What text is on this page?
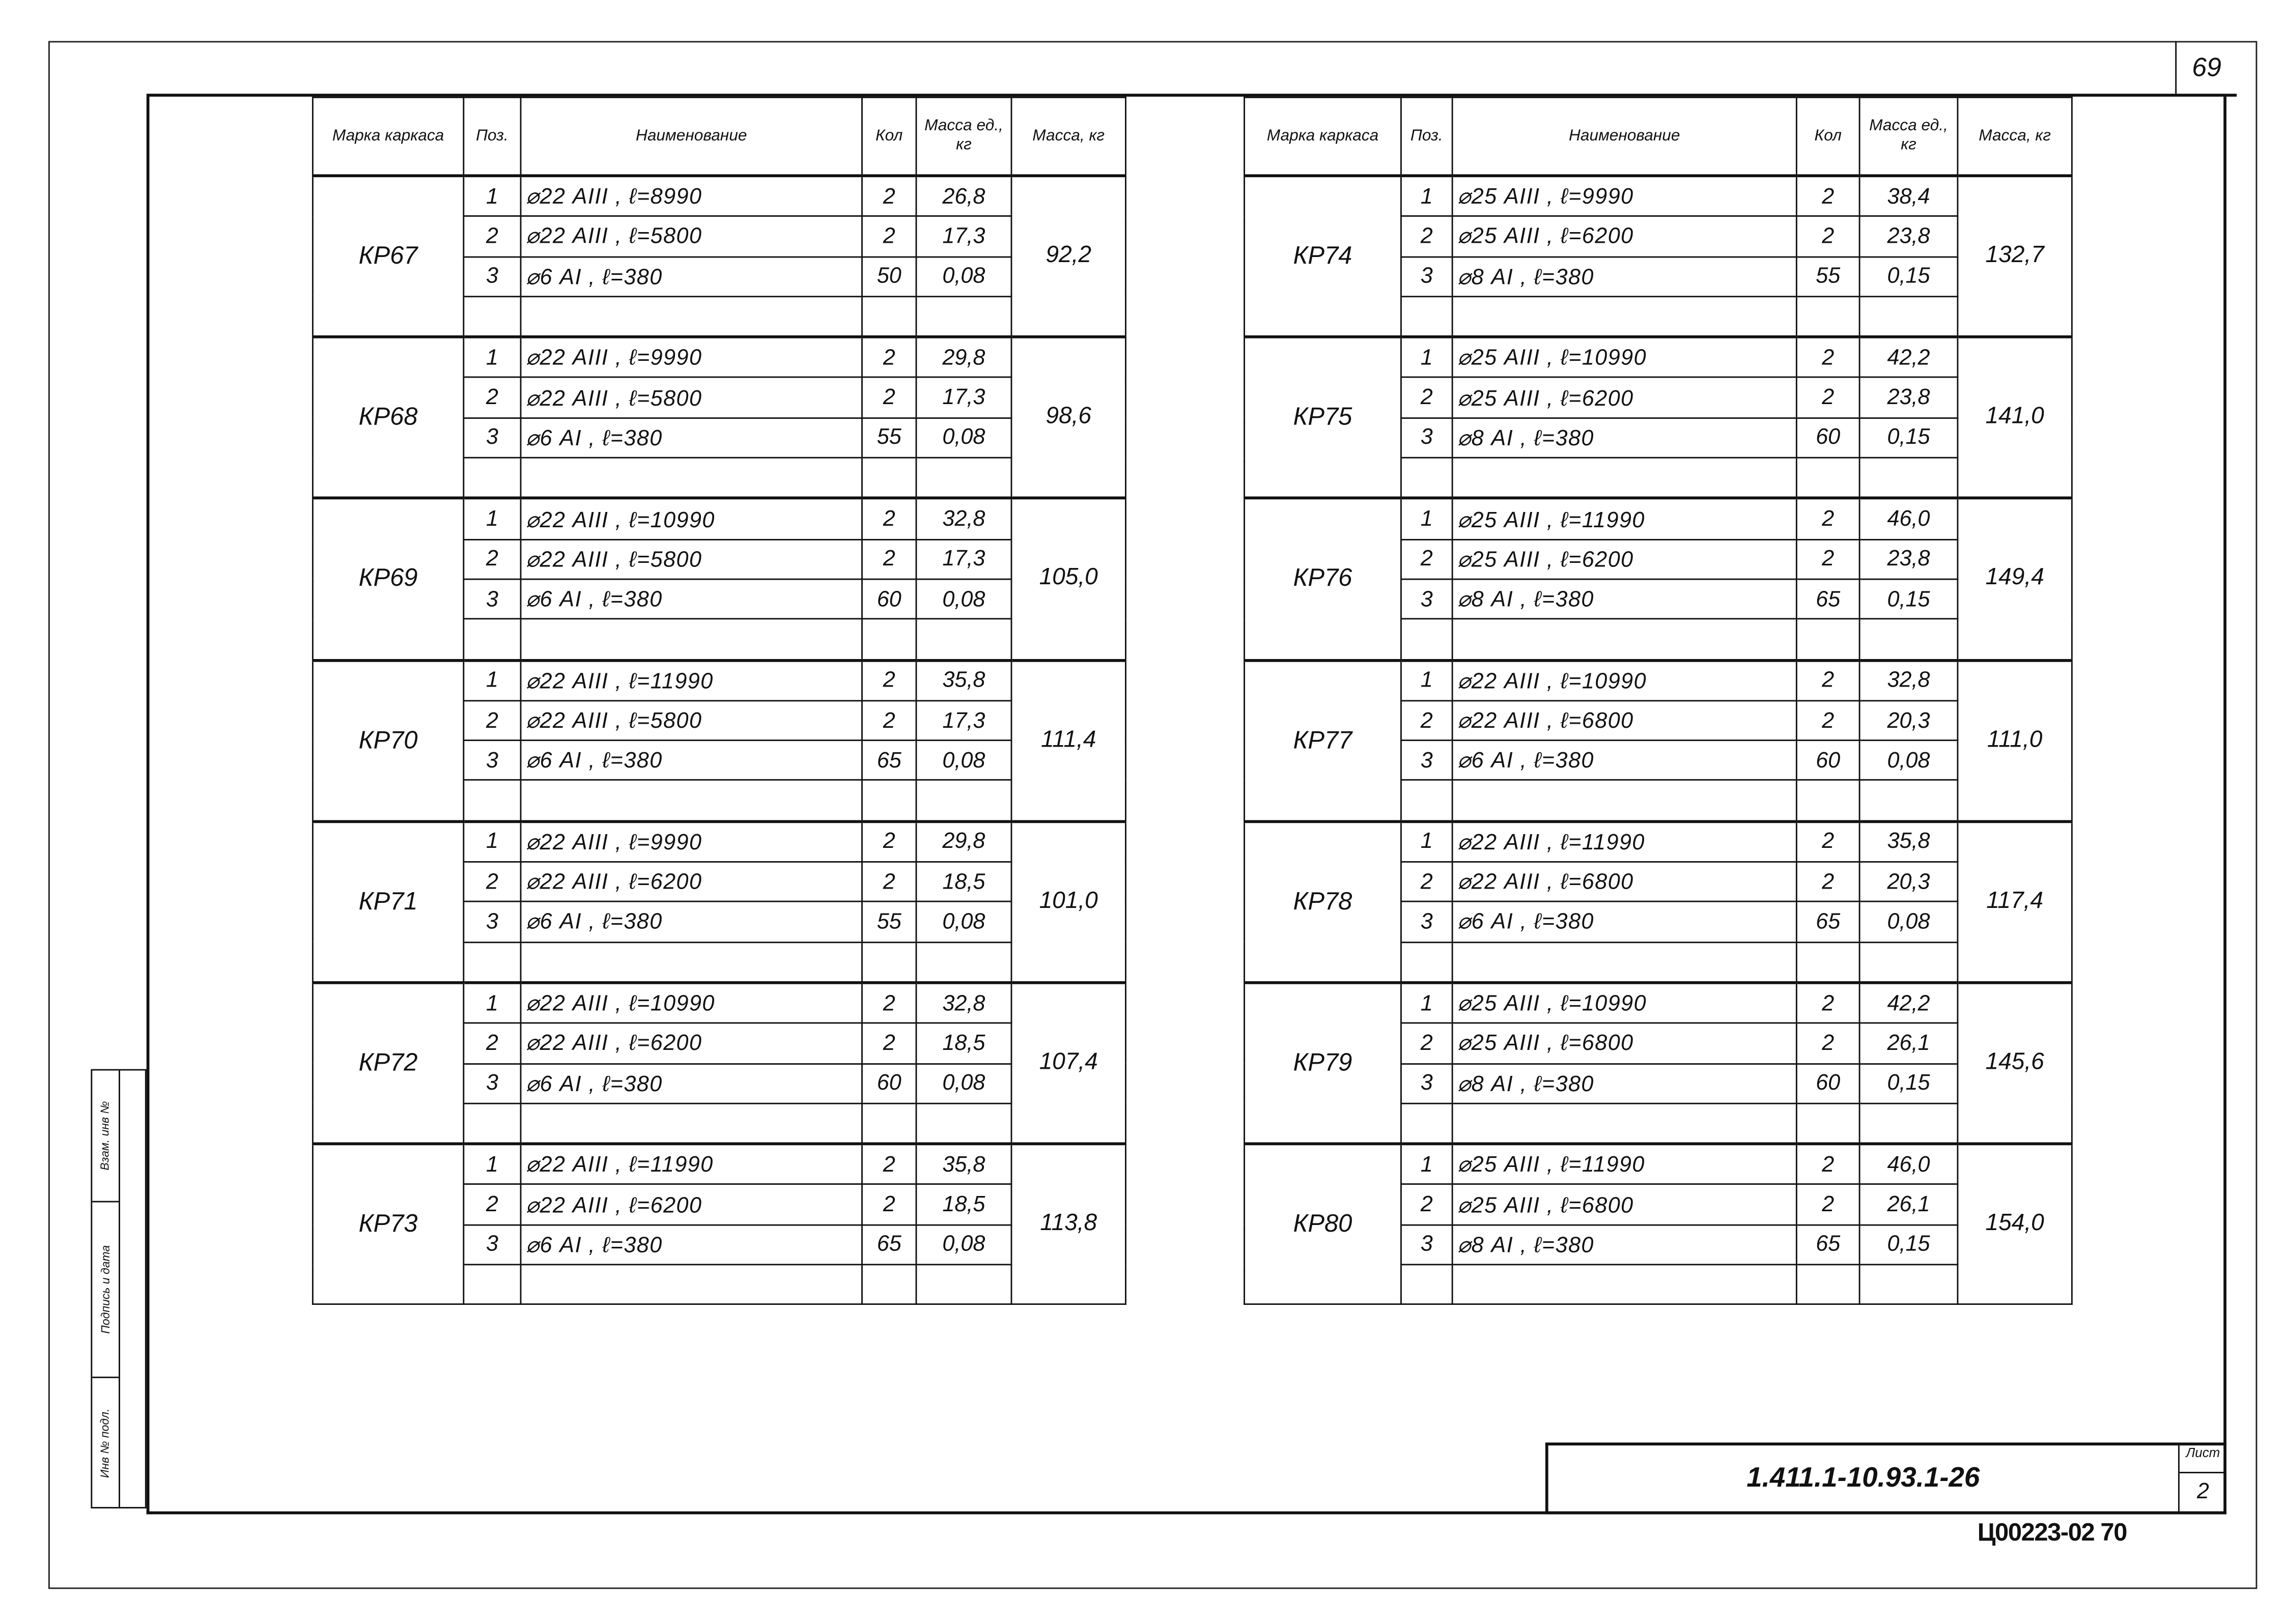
69
Марка каркаса	Поз.	Наименование	Кол	Масса ед., кг	Масса, кг
КР67	1	⌀22 АIII , ℓ=8990	2	26,8	92,2
	2	⌀22 АIII , ℓ=5800	2	17,3	
	3	⌀6 АI , ℓ=380	50	0,08	

КР68	1	⌀22 АIII , ℓ=9990	2	29,8	98,6
	2	⌀22 АIII , ℓ=5800	2	17,3	
	3	⌀6 АI , ℓ=380	55	0,08	

КР69	1	⌀22 АIII , ℓ=10990	2	32,8	105,0
	2	⌀22 АIII , ℓ=5800	2	17,3	
	3	⌀6 АI , ℓ=380	60	0,08	

КР70	1	⌀22 АIII , ℓ=11990	2	35,8	111,4
	2	⌀22 АIII , ℓ=5800	2	17,3	
	3	⌀6 АI , ℓ=380	65	0,08	

КР71	1	⌀22 АIII , ℓ=9990	2	29,8	101,0
	2	⌀22 АIII , ℓ=6200	2	18,5	
	3	⌀6 АI , ℓ=380	55	0,08	

КР72	1	⌀22 АIII , ℓ=10990	2	32,8	107,4
	2	⌀22 АIII , ℓ=6200	2	18,5	
	3	⌀6 АI , ℓ=380	60	0,08	

КР73	1	⌀22 АIII , ℓ=11990	2	35,8	113,8
	2	⌀22 АIII , ℓ=6200	2	18,5	
	3	⌀6 АI , ℓ=380	65	0,08	

Марка каркаса	Поз.	Наименование	Кол	Масса ед., кг	Масса, кг
КР74	1	⌀25 АIII , ℓ=9990	2	38,4	132,7
	2	⌀25 АIII , ℓ=6200	2	23,8	
	3	⌀8 АI , ℓ=380	55	0,15	

КР75	1	⌀25 АIII , ℓ=10990	2	42,2	141,0
	2	⌀25 АIII , ℓ=6200	2	23,8	
	3	⌀8 АI , ℓ=380	60	0,15	

КР76	1	⌀25 АIII , ℓ=11990	2	46,0	149,4
	2	⌀25 АIII , ℓ=6200	2	23,8	
	3	⌀8 АI , ℓ=380	65	0,15	

КР77	1	⌀22 АIII , ℓ=10990	2	32,8	111,0
	2	⌀22 АIII , ℓ=6800	2	20,3	
	3	⌀6 АI , ℓ=380	60	0,08	

КР78	1	⌀22 АIII , ℓ=11990	2	35,8	117,4
	2	⌀22 АIII , ℓ=6800	2	20,3	
	3	⌀6 АI , ℓ=380	65	0,08	

КР79	1	⌀25 АIII , ℓ=10990	2	42,2	145,6
	2	⌀25 АIII , ℓ=6800	2	26,1	
	3	⌀8 АI , ℓ=380	60	0,15	

КР80	1	⌀25 АIII , ℓ=11990	2	46,0	154,0
	2	⌀25 АIII , ℓ=6800	2	26,1	
	3	⌀8 АI , ℓ=380	65	0,15	

Взам. инв №
Подпись и дата
Инв № подл.
1.411.1-10.93.1-26
Лист
2
Ц00223-02 70
